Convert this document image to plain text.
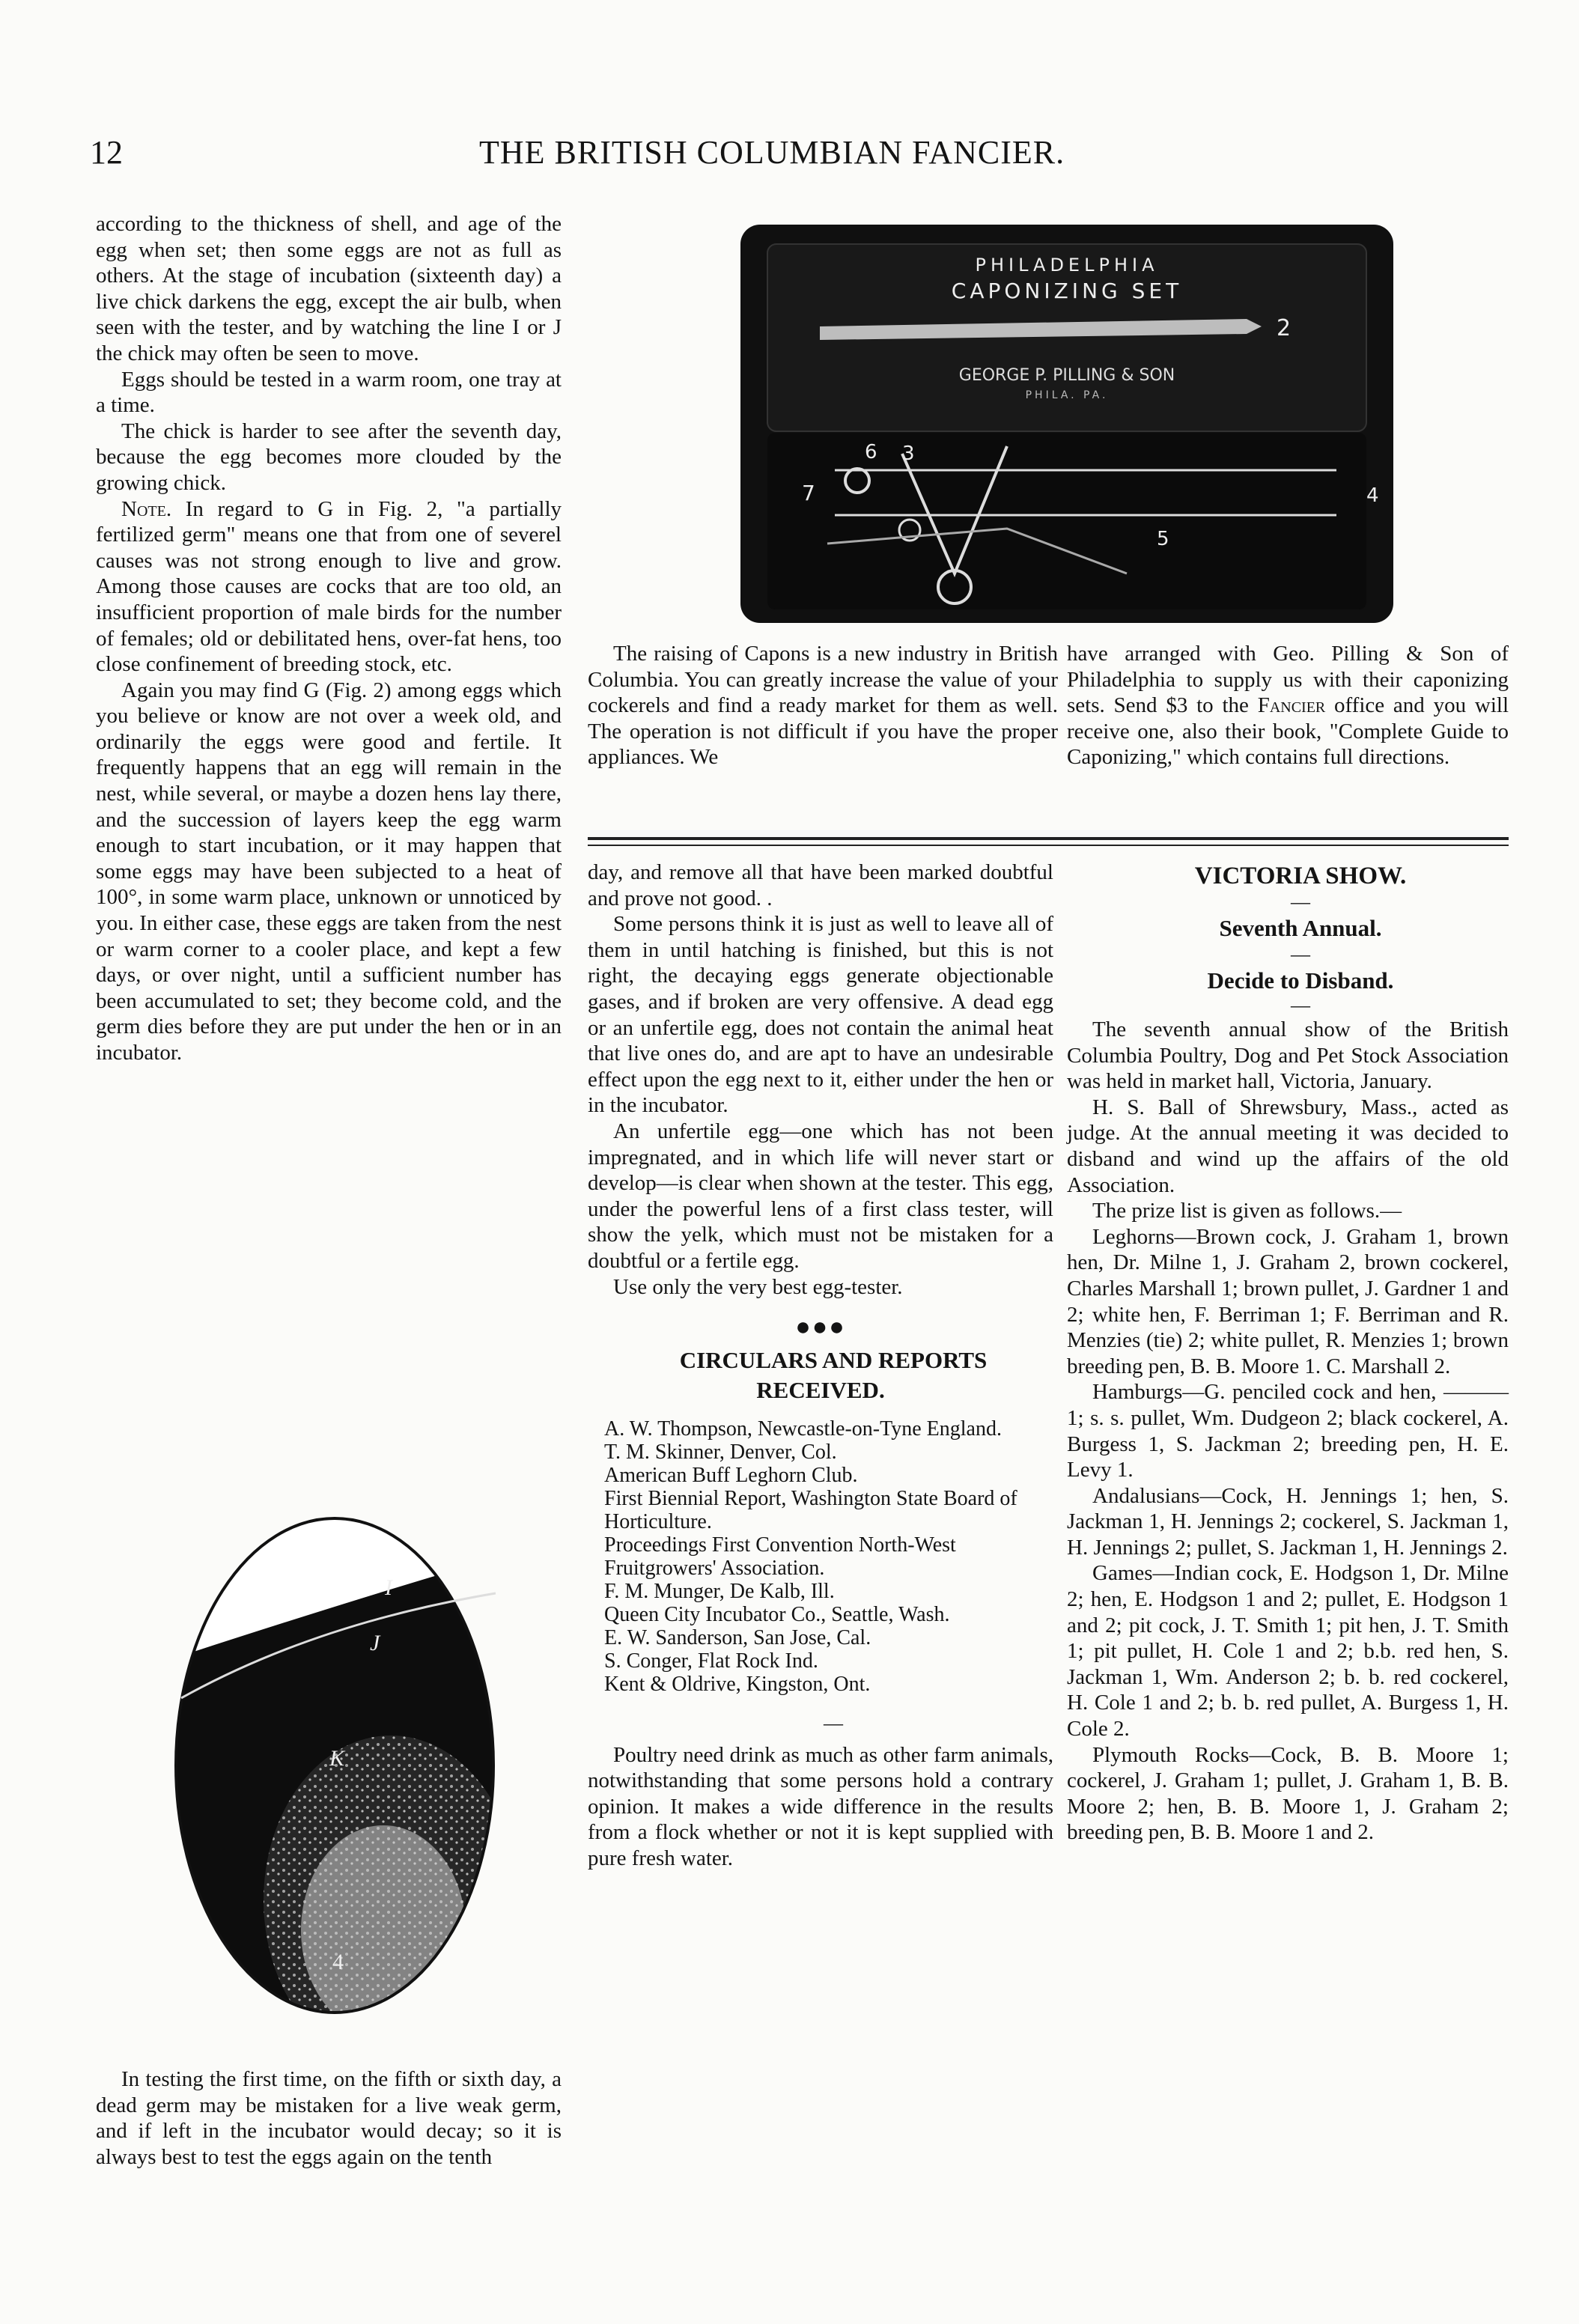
12	THE BRITISH COLUMBIAN FANCIER.

according to the thickness of shell, and age of the egg when set; then some eggs are not as full as others. At the stage of incubation (sixteenth day) a live chick darkens the egg, except the air bulb, when seen with the tester, and by watching the line I or J the chick may often be seen to move.

Eggs should be tested in a warm room, one tray at a time.

The chick is harder to see after the seventh day, because the egg becomes more clouded by the growing chick.

Note. In regard to G in Fig. 2, "a partially fertilized germ" means one that from one of severel causes was not strong enough to live and grow. Among those causes are cocks that are too old, an insufficient proportion of male birds for the number of females; old or debilitated hens, over-fat hens, too close confinement of breeding stock, etc.

Again you may find G (Fig. 2) among eggs which you believe or know are not over a week old, and ordinarily the eggs were good and fertile. It frequently happens that an egg will remain in the nest, while several, or maybe a dozen hens lay there, and the succession of layers keep the egg warm enough to start incubation, or it may happen that some eggs may have been subjected to a heat of 100°, in some warm place, unknown or unnoticed by you. In either case, these eggs are taken from the nest or warm corner to a cooler place, and kept a few days, or over night, until a sufficient number has been accumulated to set; they become cold, and the germ dies before they are put under the hen or in an incubator.

I
J
K
4

In testing the first time, on the fifth or sixth day, a dead germ may be mistaken for a live weak germ, and if left in the incubator would decay; so it is always best to test the eggs again on the tenth

PHILADELPHIA
CAPONIZING SET
2
GEORGE P. PILLING & SON
PHILA. PA.
3
4
5
6
7

The raising of Capons is a new industry in British Columbia. You can greatly increase the value of your cockerels and find a ready market for them as well. The operation is not difficult if you have the proper appliances. We

have arranged with Geo. Pilling & Son of Philadelphia to supply us with their caponizing sets. Send $3 to the Fancier office and you will receive one, also their book, "Complete Guide to Caponizing," which contains full directions.

day, and remove all that have been marked doubtful and prove not good. .

Some persons think it is just as well to leave all of them in until hatching is finished, but this is not right, the decaying eggs generate objectionable gases, and if broken are very offensive. A dead egg or an unfertile egg, does not contain the animal heat that live ones do, and are apt to have an undesirable effect upon the egg next to it, either under the hen or in the incubator.

An unfertile egg—one which has not been impregnated, and in which life will never start or develop—is clear when shown at the tester. This egg, under the powerful lens of a first class tester, will show the yelk, which must not be mistaken for a doubtful or a fertile egg.

Use only the very best egg-tester.

●●●

CIRCULARS AND REPORTS RECEIVED.

A. W. Thompson, Newcastle-on-Tyne England.

T. M. Skinner, Denver, Col.

American Buff Leghorn Club.

First Biennial Report, Washington State Board of Horticulture.

Proceedings First Convention North-West Fruitgrowers' Association.

F. M. Munger, De Kalb, Ill.

Queen City Incubator Co., Seattle, Wash.

E. W. Sanderson, San Jose, Cal.

S. Conger, Flat Rock Ind.

Kent & Oldrive, Kingston, Ont.

—

Poultry need drink as much as other farm animals, notwithstanding that some persons hold a contrary opinion. It makes a wide difference in the results from a flock whether or not it is kept supplied with pure fresh water.

VICTORIA SHOW.

—

Seventh Annual.

—

Decide to Disband.

—

The seventh annual show of the British Columbia Poultry, Dog and Pet Stock Association was held in market hall, Victoria, January.

H. S. Ball of Shrewsbury, Mass., acted as judge. At the annual meeting it was decided to disband and wind up the affairs of the old Association.

The prize list is given as follows.—

Leghorns—Brown cock, J. Graham 1, brown hen, Dr. Milne 1, J. Graham 2, brown cockerel, Charles Marshall 1; brown pullet, J. Gardner 1 and 2; white hen, F. Berriman 1; F. Berriman and R. Menzies (tie) 2; white pullet, R. Menzies 1; brown breeding pen, B. B. Moore 1. C. Marshall 2.

Hamburgs—G. penciled cock and hen, ———1; s. s. pullet, Wm. Dudgeon 2; black cockerel, A. Burgess 1, S. Jackman 2; breeding pen, H. E. Levy 1.

Andalusians—Cock, H. Jennings 1; hen, S. Jackman 1, H. Jennings 2; cockerel, S. Jackman 1, H. Jennings 2; pullet, S. Jackman 1, H. Jennings 2.

Games—Indian cock, E. Hodgson 1, Dr. Milne 2; hen, E. Hodgson 1 and 2; pullet, E. Hodgson 1 and 2; pit cock, J. T. Smith 1; pit hen, J. T. Smith 1; pit pullet, H. Cole 1 and 2; b.b. red hen, S. Jackman 1, Wm. Anderson 2; b. b. red cockerel, H. Cole 1 and 2; b. b. red pullet, A. Burgess 1, H. Cole 2.

Plymouth Rocks—Cock, B. B. Moore 1; cockerel, J. Graham 1; pullet, J. Graham 1, B. B. Moore 2; hen, B. B. Moore 1, J. Graham 2; breeding pen, B. B. Moore 1 and 2.
